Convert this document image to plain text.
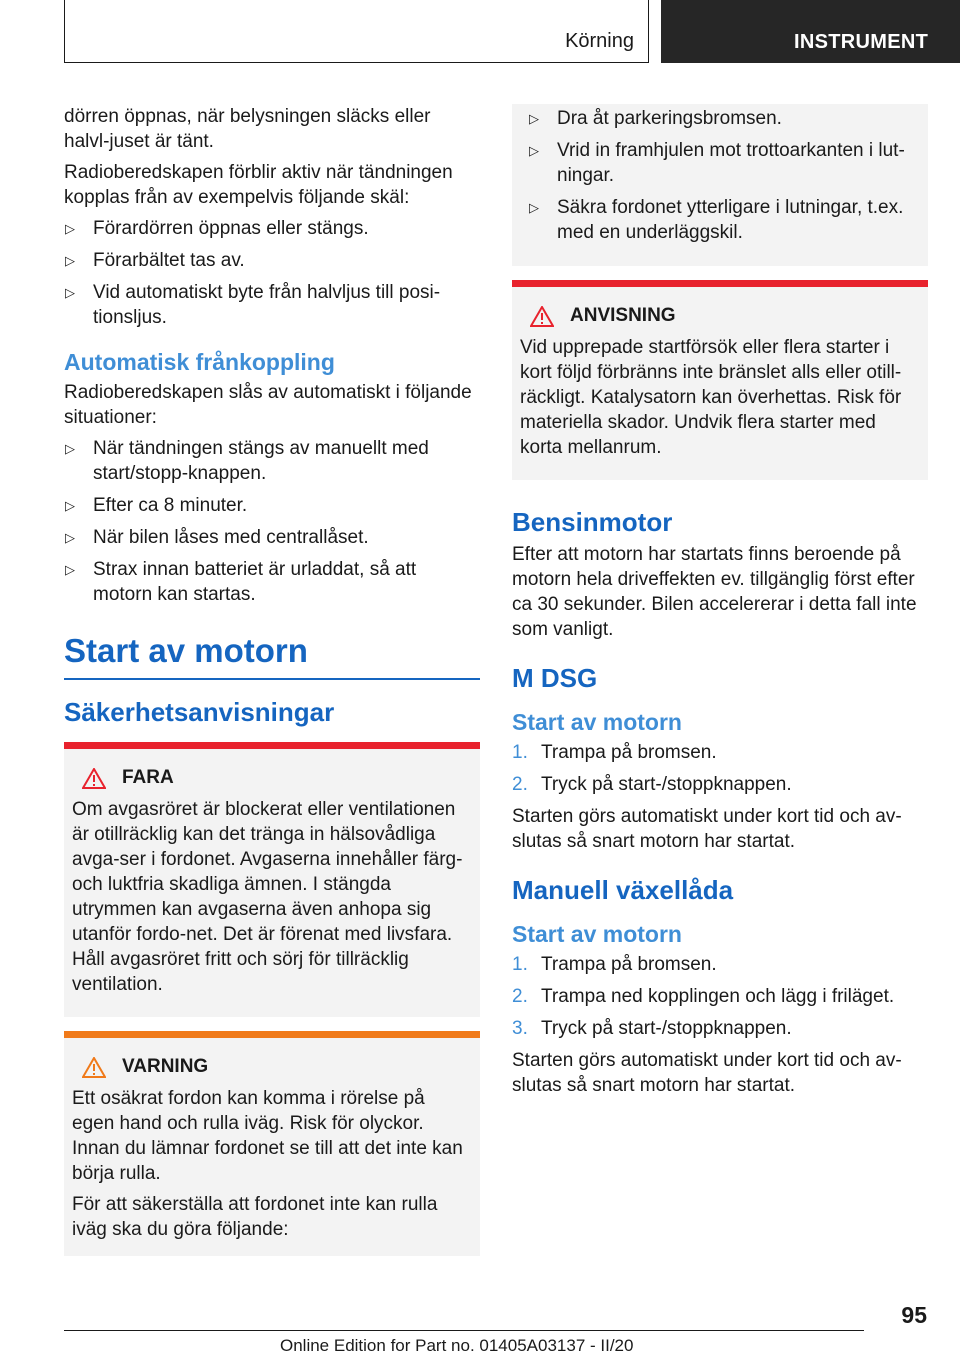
Körning	INSTRUMENT

dörren öppnas, när belysningen släcks eller halvl-juset är tänt.

Radioberedskapen förblir aktiv när tändningen kopplas från av exempelvis följande skäl:

▷ Förardörren öppnas eller stängs.
▷ Förarbältet tas av.
▷ Vid automatiskt byte från halvljus till posi-tionsljus.
Automatisk frånkoppling

Radioberedskapen slås av automatiskt i följande situationer:

▷ När tändningen stängs av manuellt med start/stopp-knappen.
▷ Efter ca 8 minuter.
▷ När bilen låses med centrallåset.
▷ Strax innan batteriet är urladdat, så att motorn kan startas.
Start av motorn
Säkerhetsanvisningar
FARA

Om avgasröret är blockerat eller ventilationen är otillräcklig kan det tränga in hälsovådliga avga-ser i fordonet. Avgaserna innehåller färg- och luktfria skadliga ämnen. I stängda utrymmen kan avgaserna även anhopa sig utanför fordo-net. Det är förenat med livsfara. Håll avgasröret fritt och sörj för tillräcklig ventilation.

VARNING

Ett osäkrat fordon kan komma i rörelse på egen hand och rulla iväg. Risk för olyckor. Innan du lämnar fordonet se till att det inte kan börja rulla.

För att säkerställa att fordonet inte kan rulla iväg ska du göra följande:

▷ Dra åt parkeringsbromsen.
▷ Vrid in framhjulen mot trottoarkanten i lut-ningar.
▷ Säkra fordonet ytterligare i lutningar, t.ex. med en underläggskil.
ANVISNING

Vid upprepade startförsök eller flera starter i kort följd förbränns inte bränslet alls eller otill-räckligt. Katalysatorn kan överhettas. Risk för materiella skador. Undvik flera starter med korta mellanrum.

Bensinmotor

Efter att motorn har startats finns beroende på motorn hela driveffekten ev. tillgänglig först efter ca 30 sekunder. Bilen accelererar i detta fall inte som vanligt.

M DSG
Start av motorn
1. Trampa på bromsen.
2. Tryck på start-/stoppknappen.

Starten görs automatiskt under kort tid och av-slutas så snart motorn har startat.

Manuell växellåda
Start av motorn
1. Trampa på bromsen.
2. Trampa ned kopplingen och lägg i friläget.
3. Tryck på start-/stoppknappen.

Starten görs automatiskt under kort tid och av-slutas så snart motorn har startat.

95
Online Edition for Part no. 01405A03137 - II/20
